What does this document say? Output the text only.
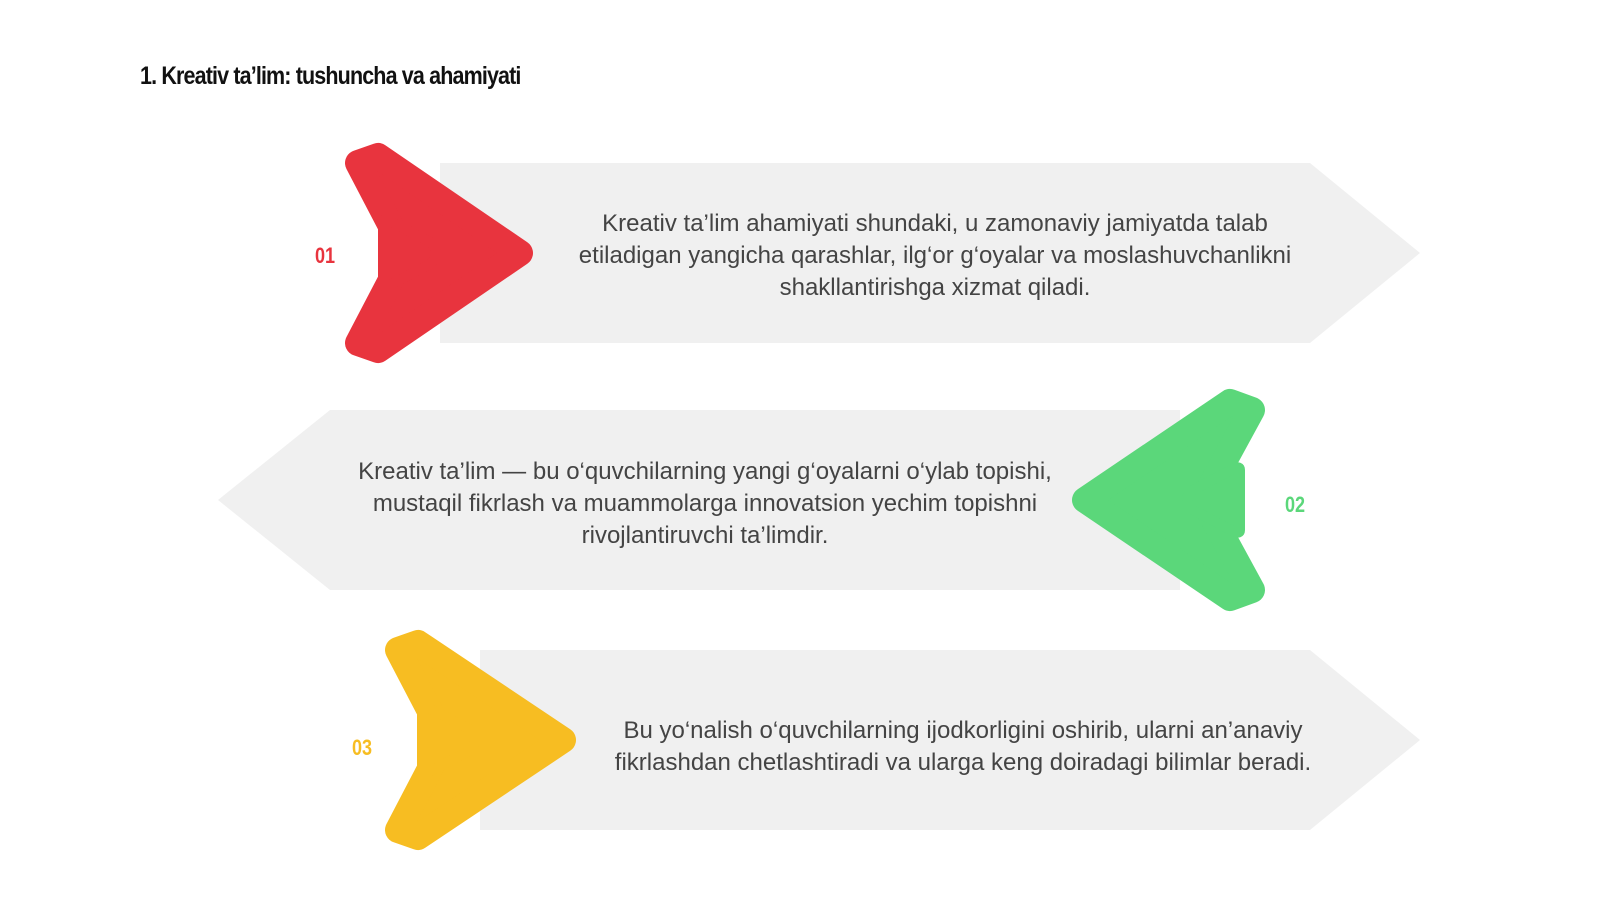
1. Kreativ ta’lim: tushuncha va ahamiyati
01
Kreativ ta’lim ahamiyati shundaki, u zamonaviy jamiyatda talab
etiladigan yangicha qarashlar, ilg‘or g‘oyalar va moslashuvchanlikni
shakllantirishga xizmat qiladi.
02
Kreativ ta’lim — bu o‘quvchilarning yangi g‘oyalarni o‘ylab topishi,
mustaqil fikrlash va muammolarga innovatsion yechim topishni
rivojlantiruvchi ta’limdir.
03
Bu yo‘nalish o‘quvchilarning ijodkorligini oshirib, ularni an’anaviy
fikrlashdan chetlashtiradi va ularga keng doiradagi bilimlar beradi.
